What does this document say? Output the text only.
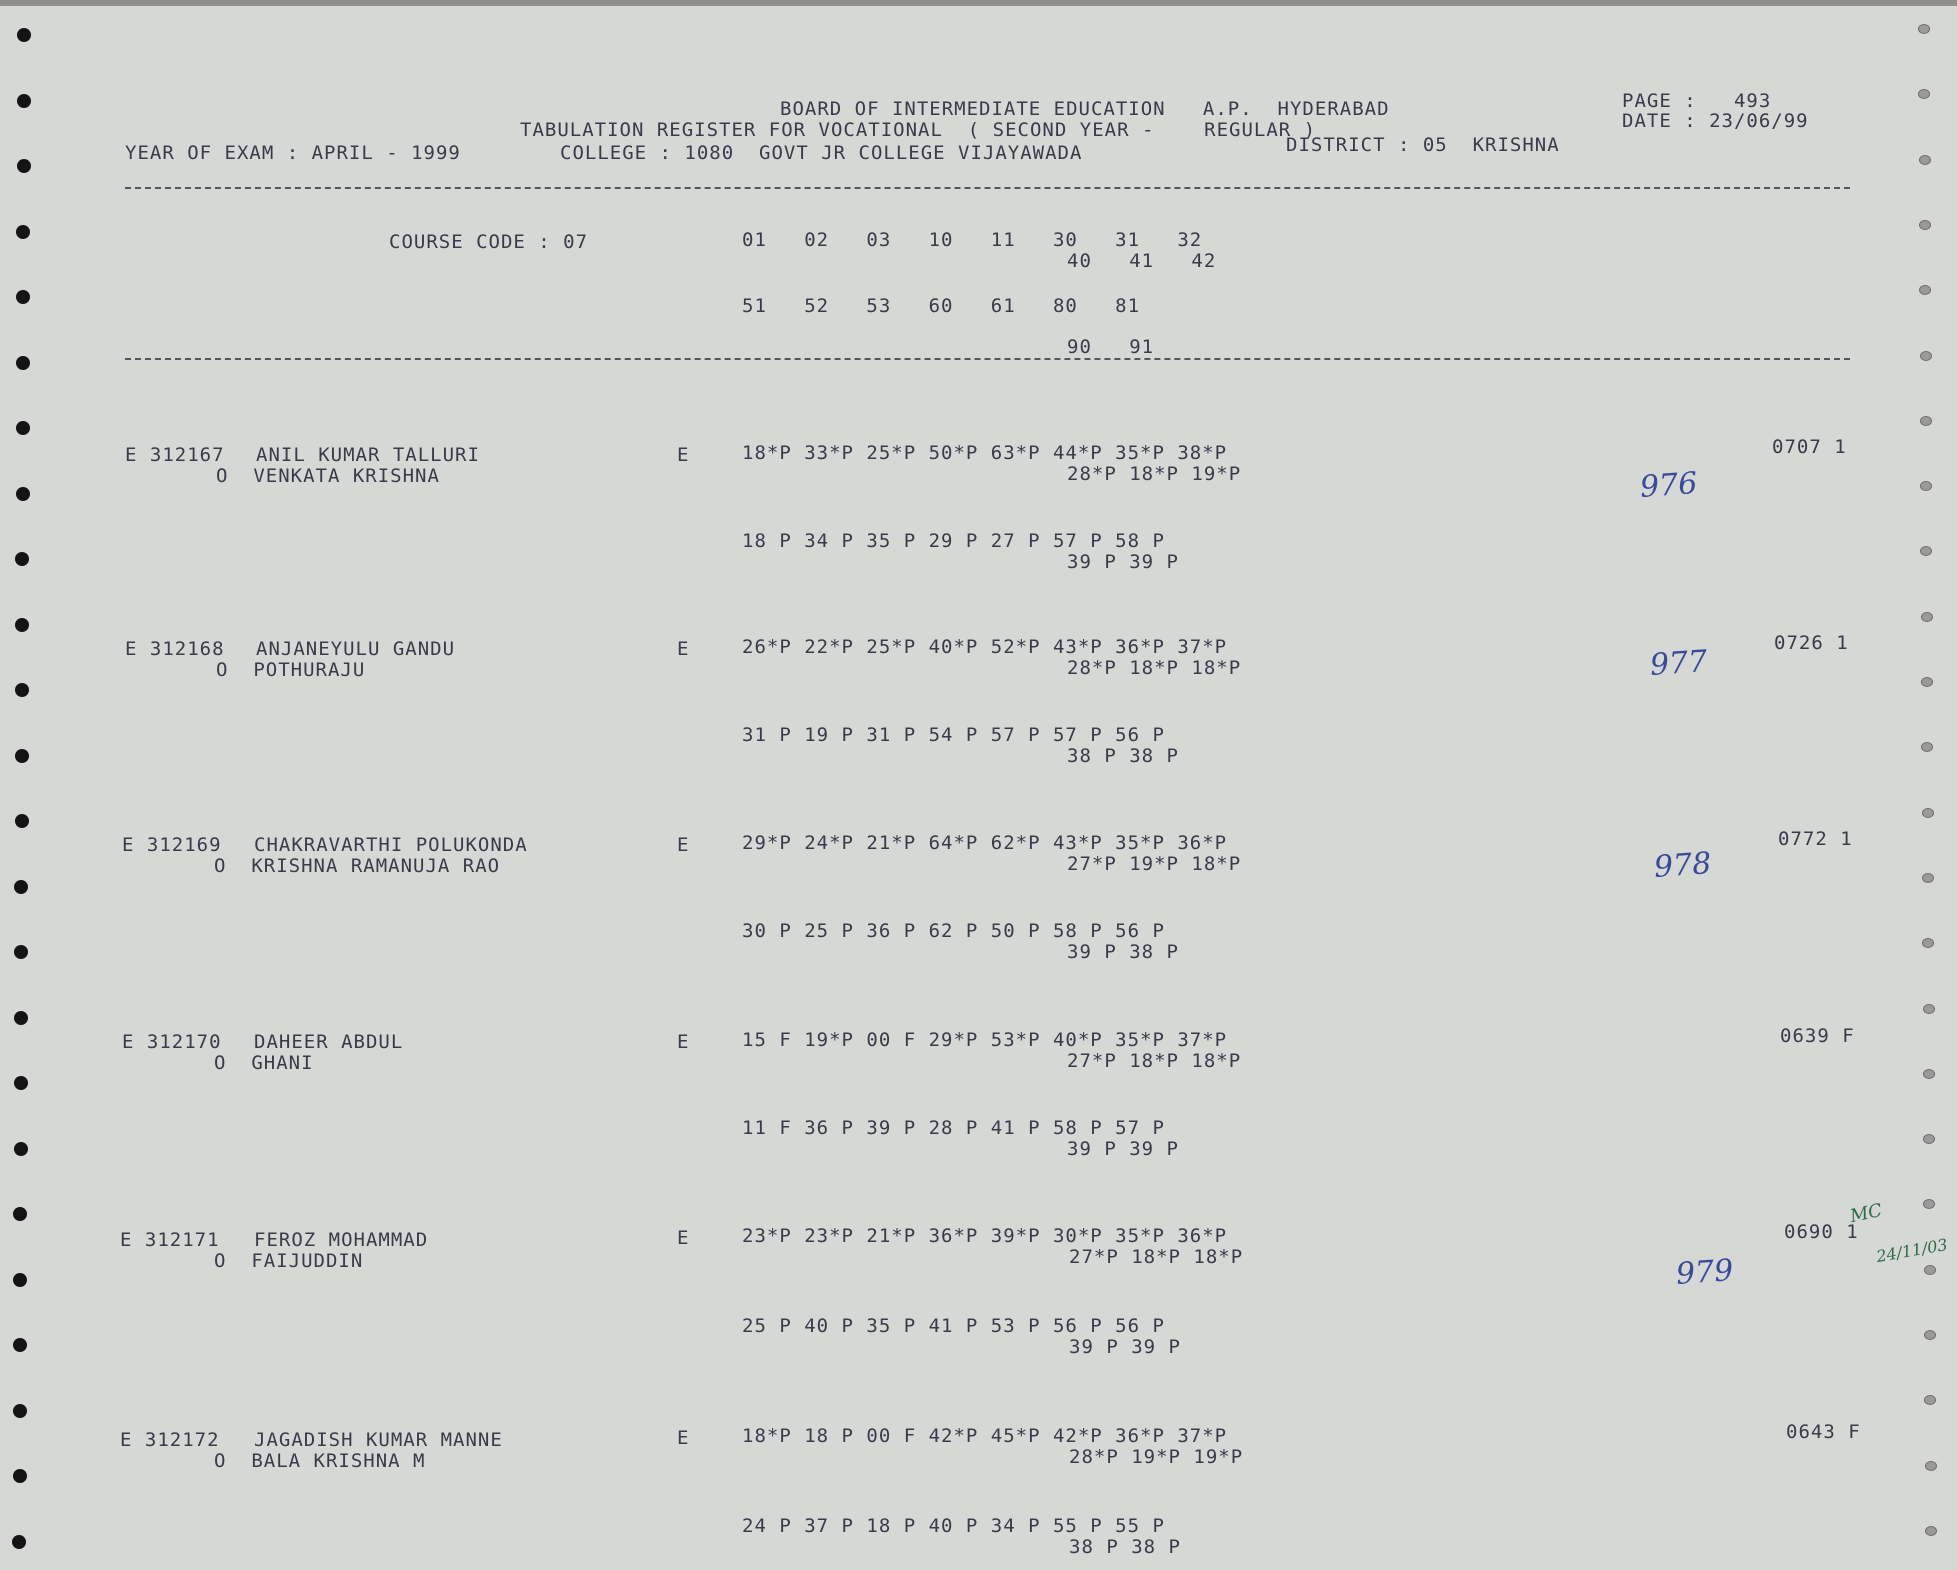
BOARD OF INTERMEDIATE EDUCATION   A.P.  HYDERABAD
TABULATION REGISTER FOR VOCATIONAL  ( SECOND YEAR -    REGULAR )
YEAR OF EXAM : APRIL - 1999	COLLEGE : 1080  GOVT JR COLLEGE VIJAYAWADA	DISTRICT : 05  KRISHNA
PAGE :   493
DATE : 23/06/99
COURSE CODE : 07	01   02   03   10   11   30   31   32
40   41   42
51   52   53   60   61   80   81
90   91
E 312167 ANIL KUMAR TALLURI
O  VENKATA KRISHNA
E	18*P 33*P 25*P 50*P 63*P 44*P 35*P 38*P
28*P 18*P 19*P
18 P 34 P 35 P 29 P 27 P 57 P 58 P
39 P 39 P
0707 1
976
E 312168 ANJANEYULU GANDU
O  POTHURAJU
E	26*P 22*P 25*P 40*P 52*P 43*P 36*P 37*P
28*P 18*P 18*P
31 P 19 P 31 P 54 P 57 P 57 P 56 P
38 P 38 P
0726 1
977
E 312169 CHAKRAVARTHI POLUKONDA
O  KRISHNA RAMANUJA RAO
E	29*P 24*P 21*P 64*P 62*P 43*P 35*P 36*P
27*P 19*P 18*P
30 P 25 P 36 P 62 P 50 P 58 P 56 P
39 P 38 P
0772 1
978
E 312170 DAHEER ABDUL
O  GHANI
E	15 F 19*P 00 F 29*P 53*P 40*P 35*P 37*P
27*P 18*P 18*P
11 F 36 P 39 P 28 P 41 P 58 P 57 P
39 P 39 P
0639 F
E 312171 FEROZ MOHAMMAD
O  FAIJUDDIN
E	23*P 23*P 21*P 36*P 39*P 30*P 35*P 36*P
27*P 18*P 18*P
25 P 40 P 35 P 41 P 53 P 56 P 56 P
39 P 39 P
0690 1
979
MC
24/11/03
E 312172 JAGADISH KUMAR MANNE
O  BALA KRISHNA M
E	18*P 18 P 00 F 42*P 45*P 42*P 36*P 37*P
28*P 19*P 19*P
24 P 37 P 18 P 40 P 34 P 55 P 55 P
38 P 38 P
0643 F
